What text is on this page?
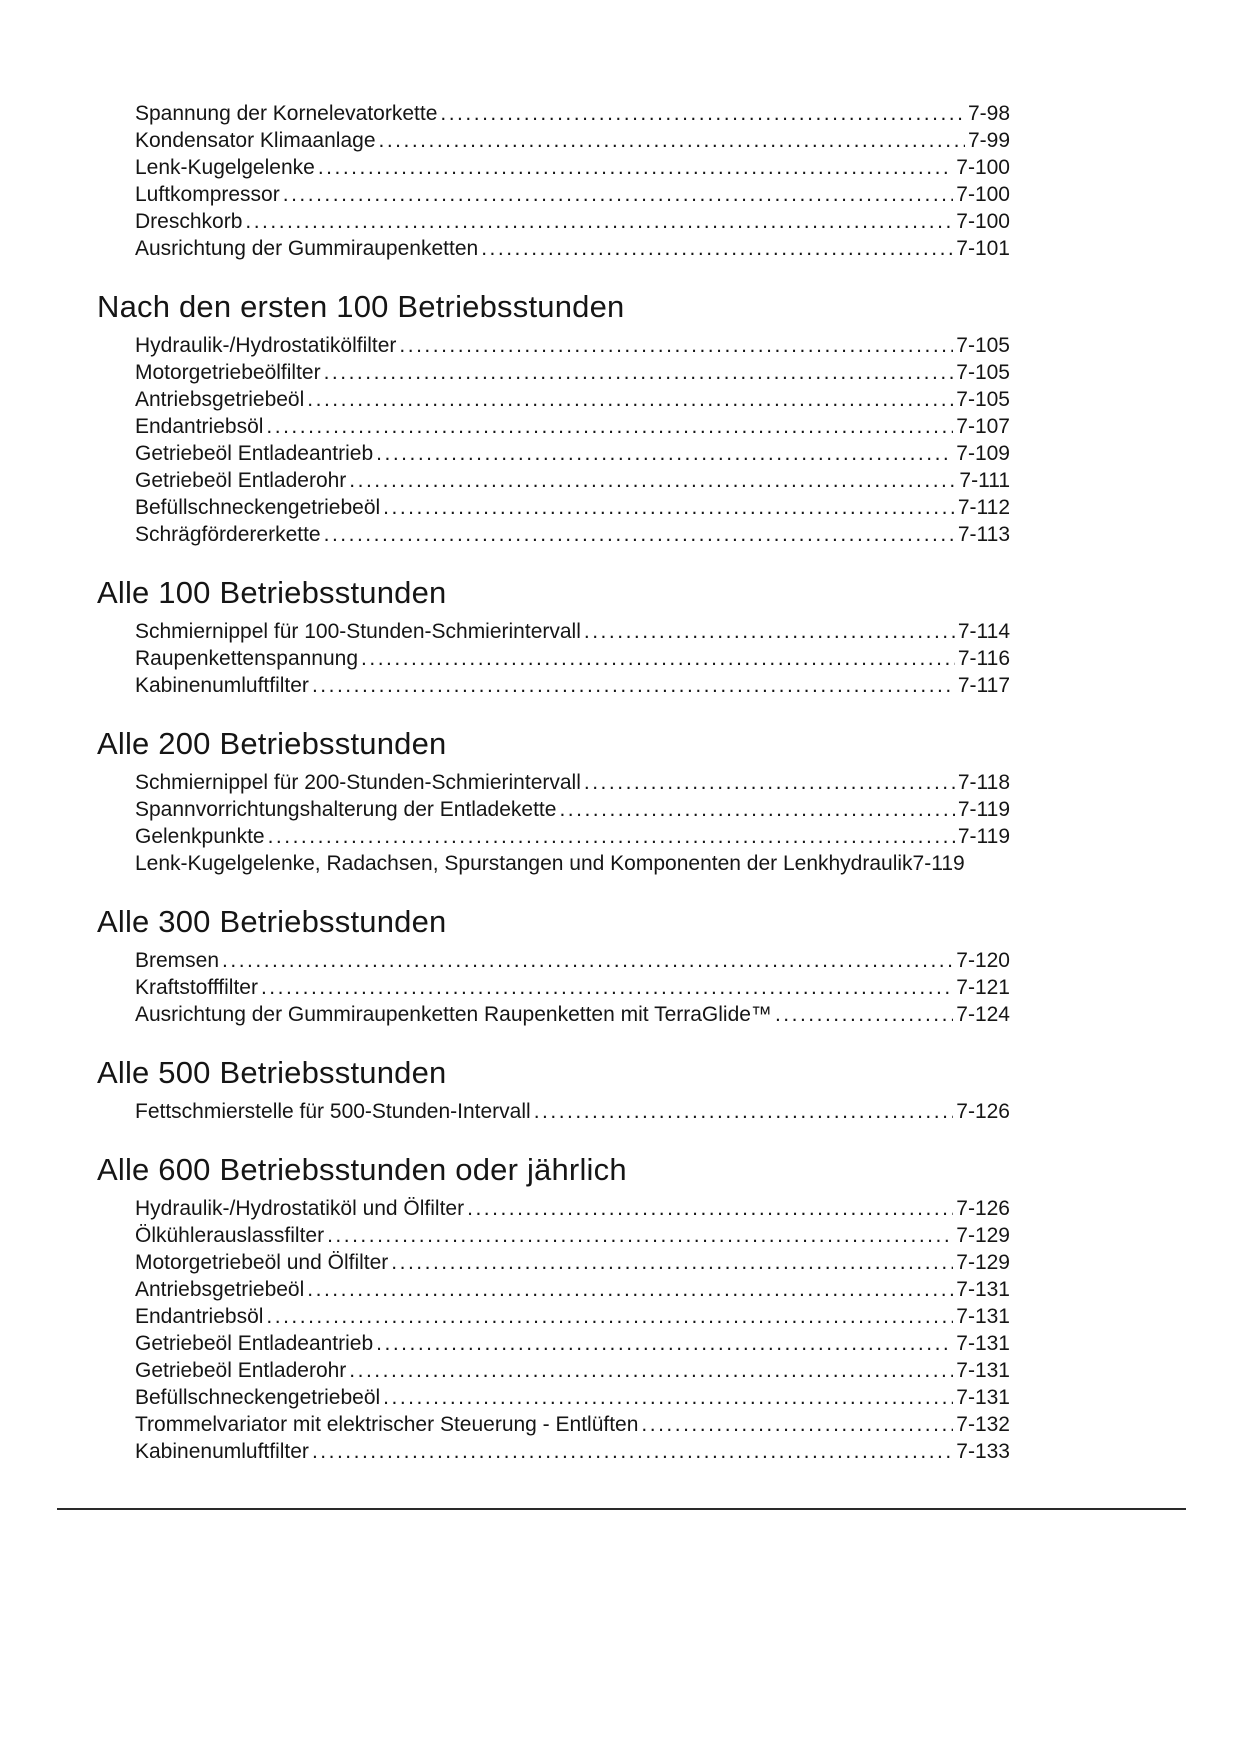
Spannung der Kornelevatorkette .....	7-98
Kondensator Klimaanlage .....	7-99
Lenk-Kugelgelenke .....	7-100
Luftkompressor .....	7-100
Dreschkorb .....	7-100
Ausrichtung der Gummiraupenketten .....	7-101
Nach den ersten 100 Betriebsstunden
Hydraulik-/Hydrostatikölfilter .....	7-105
Motorgetriebeölfilter .....	7-105
Antriebsgetriebeöl .....	7-105
Endantriebsöl .....	7-107
Getriebeöl Entladeantrieb .....	7-109
Getriebeöl Entladerohr .....	7-111
Befüllschneckengetriebeöl .....	7-112
Schrägfördererkette .....	7-113
Alle 100 Betriebsstunden
Schmiernippel für 100-Stunden-Schmierintervall .....	7-114
Raupenkettenspannung .....	7-116
Kabinenumluftfilter .....	7-117
Alle 200 Betriebsstunden
Schmiernippel für 200-Stunden-Schmierintervall .....	7-118
Spannvorrichtungshalterung der Entladekette .....	7-119
Gelenkpunkte .....	7-119
Lenk-Kugelgelenke, Radachsen, Spurstangen und Komponenten der Lenkhydraulik 7-119
Alle 300 Betriebsstunden
Bremsen .....	7-120
Kraftstofffilter .....	7-121
Ausrichtung der Gummiraupenketten Raupenketten mit TerraGlide™ .....	7-124
Alle 500 Betriebsstunden
Fettschmierstelle für 500-Stunden-Intervall .....	7-126
Alle 600 Betriebsstunden oder jährlich
Hydraulik-/Hydrostatiköl und Ölfilter .....	7-126
Ölkühlerauslassfilter .....	7-129
Motorgetriebeöl und Ölfilter .....	7-129
Antriebsgetriebeöl .....	7-131
Endantriebsöl .....	7-131
Getriebeöl Entladeantrieb .....	7-131
Getriebeöl Entladerohr .....	7-131
Befüllschneckengetriebeöl .....	7-131
Trommelvariator mit elektrischer Steuerung - Entlüften .....	7-132
Kabinenumluftfilter .....	7-133
